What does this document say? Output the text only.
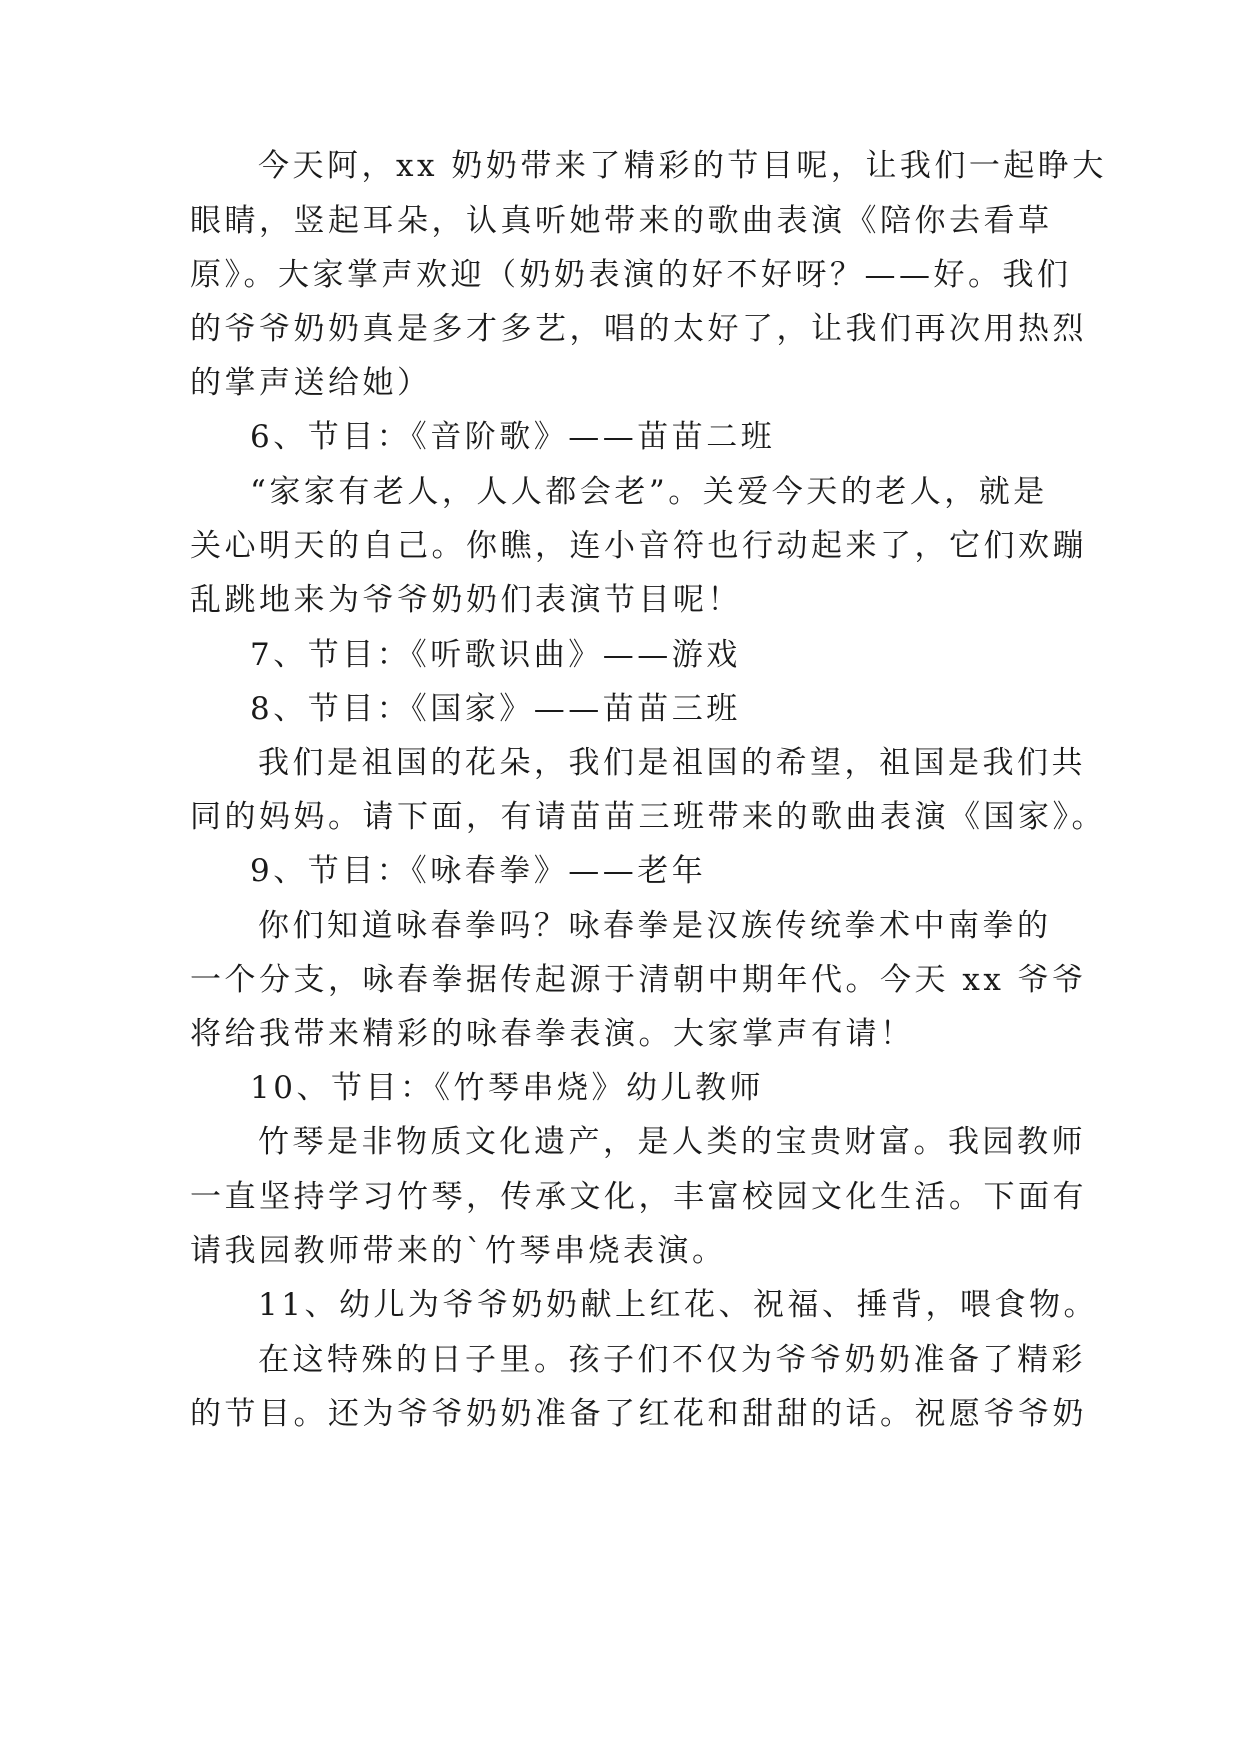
今天阿，xx 奶奶带来了精彩的节目呢，让我们一起睁大
眼睛，竖起耳朵，认真听她带来的歌曲表演《陪你去看草
原》。大家掌声欢迎（奶奶表演的好不好呀？——好。我们
的爷爷奶奶真是多才多艺，唱的太好了，让我们再次用热烈
的掌声送给她）
6、节目：《音阶歌》——苗苗二班
“家家有老人，人人都会老”。关爱今天的老人，就是
关心明天的自己。你瞧，连小音符也行动起来了，它们欢蹦
乱跳地来为爷爷奶奶们表演节目呢！
7、节目：《听歌识曲》——游戏
8、节目：《国家》——苗苗三班
我们是祖国的花朵，我们是祖国的希望，祖国是我们共
同的妈妈。请下面，有请苗苗三班带来的歌曲表演《国家》。
9、节目：《咏春拳》——老年
你们知道咏春拳吗？咏春拳是汉族传统拳术中南拳的
一个分支，咏春拳据传起源于清朝中期年代。今天 xx 爷爷
将给我带来精彩的咏春拳表演。大家掌声有请！
10、节目：《竹琴串烧》幼儿教师
竹琴是非物质文化遗产，是人类的宝贵财富。我园教师
一直坚持学习竹琴，传承文化，丰富校园文化生活。下面有
请我园教师带来的`竹琴串烧表演。
11、幼儿为爷爷奶奶献上红花、祝福、捶背，喂食物。
在这特殊的日子里。孩子们不仅为爷爷奶奶准备了精彩
的节目。还为爷爷奶奶准备了红花和甜甜的话。祝愿爷爷奶
